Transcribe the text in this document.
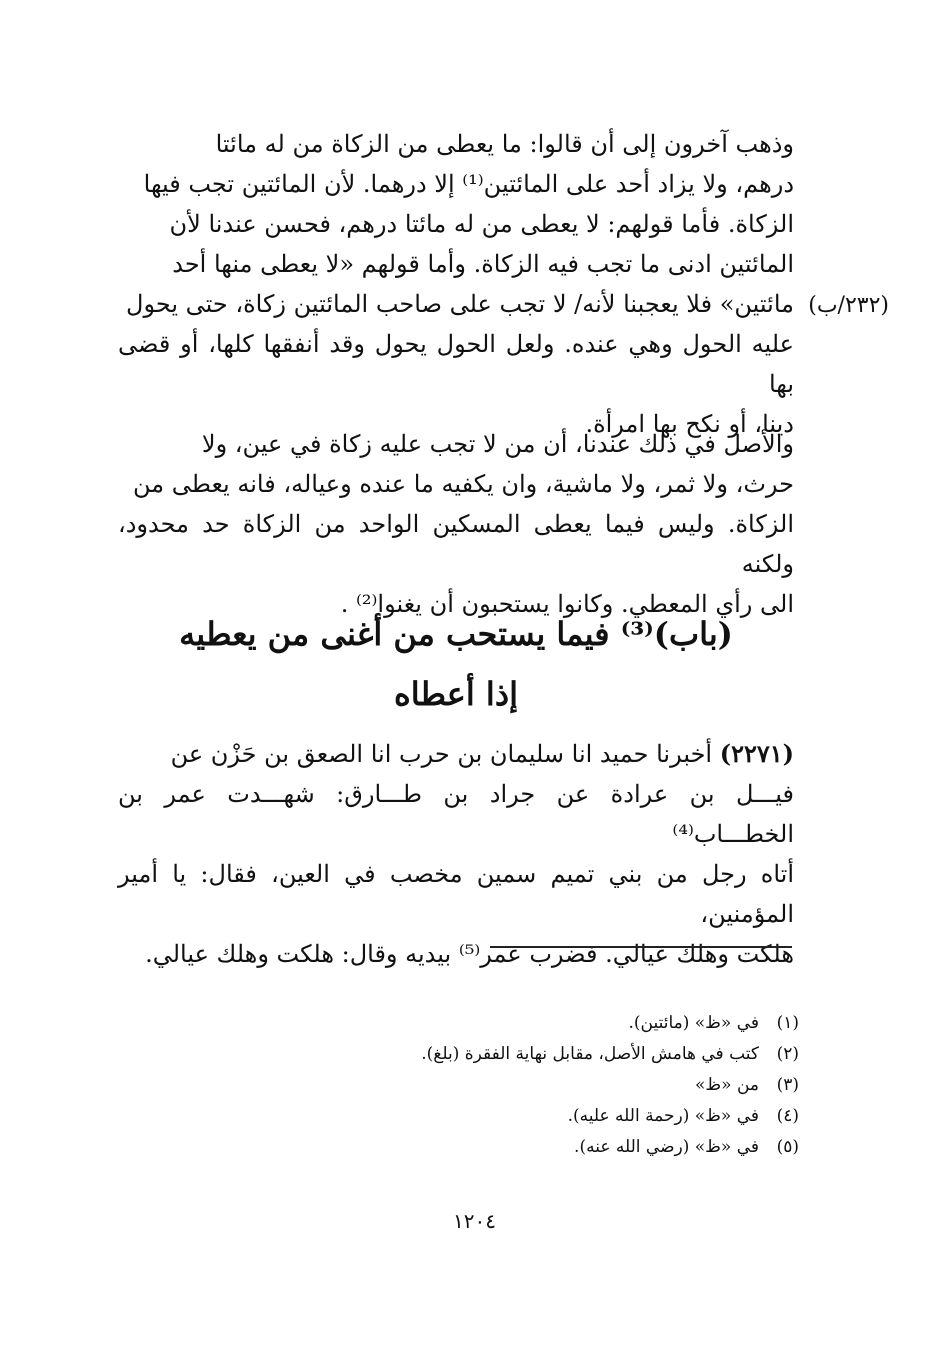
(٢٣٢/ب)

وذهب آخرون إلى أن قالوا: ما يعطى من الزكاة من له مائتا

درهم، ولا يزاد أحد على المائتين⁽¹⁾ إلا درهما. لأن المائتين تجب فيها

الزكاة. فأما قولهم: لا يعطى من له مائتا درهم، فحسن عندنا لأن

المائتين ادنى ما تجب فيه الزكاة. وأما قولهم «لا يعطى منها أحد

مائتين» فلا يعجبنا لأنه/ لا تجب على صاحب المائتين زكاة، حتى يحول

عليه الحول وهي عنده. ولعل الحول يحول وقد أنفقها كلها، أو قضى بها

دينا، أو نكح بها امرأة.

والأصل في ذلك عندنا، أن من لا تجب عليه زكاة في عين، ولا

حرث، ولا ثمر، ولا ماشية، وان يكفيه ما عنده وعياله، فانه يعطى من

الزكاة. وليس فيما يعطى المسكين الواحد من الزكاة حد محدود، ولكنه

الى رأي المعطي. وكانوا يستحبون أن يغنوا⁽²⁾ .

(باب)⁽³⁾ فيما يستحب من أغنى من يعطيه
إذا أعطاه

(٢٢٧١) أخبرنا حميد انا سليمان بن حرب انا الصعق بن حَزْن عن

فيـــل بن عرادة عن جراد بن طـــارق: شهـــدت عمر بن الخطـــاب⁽⁴⁾

أتاه رجل من بني تميم سمين مخصب في العين، فقال: يا أمير المؤمنين،

هلكت وهلك عيالي. فضرب عمر⁽⁵⁾ بيديه وقال: هلكت وهلك عيالي.

(١)
في «ظ» (مائتين).
(٢)
كتب في هامش الأصل، مقابل نهاية الفقرة (بلغ).
(٣)
من «ظ»
(٤)
في «ظ» (رحمة الله عليه).
(٥)
في «ظ» (رضي الله عنه).
١٢٠٤
